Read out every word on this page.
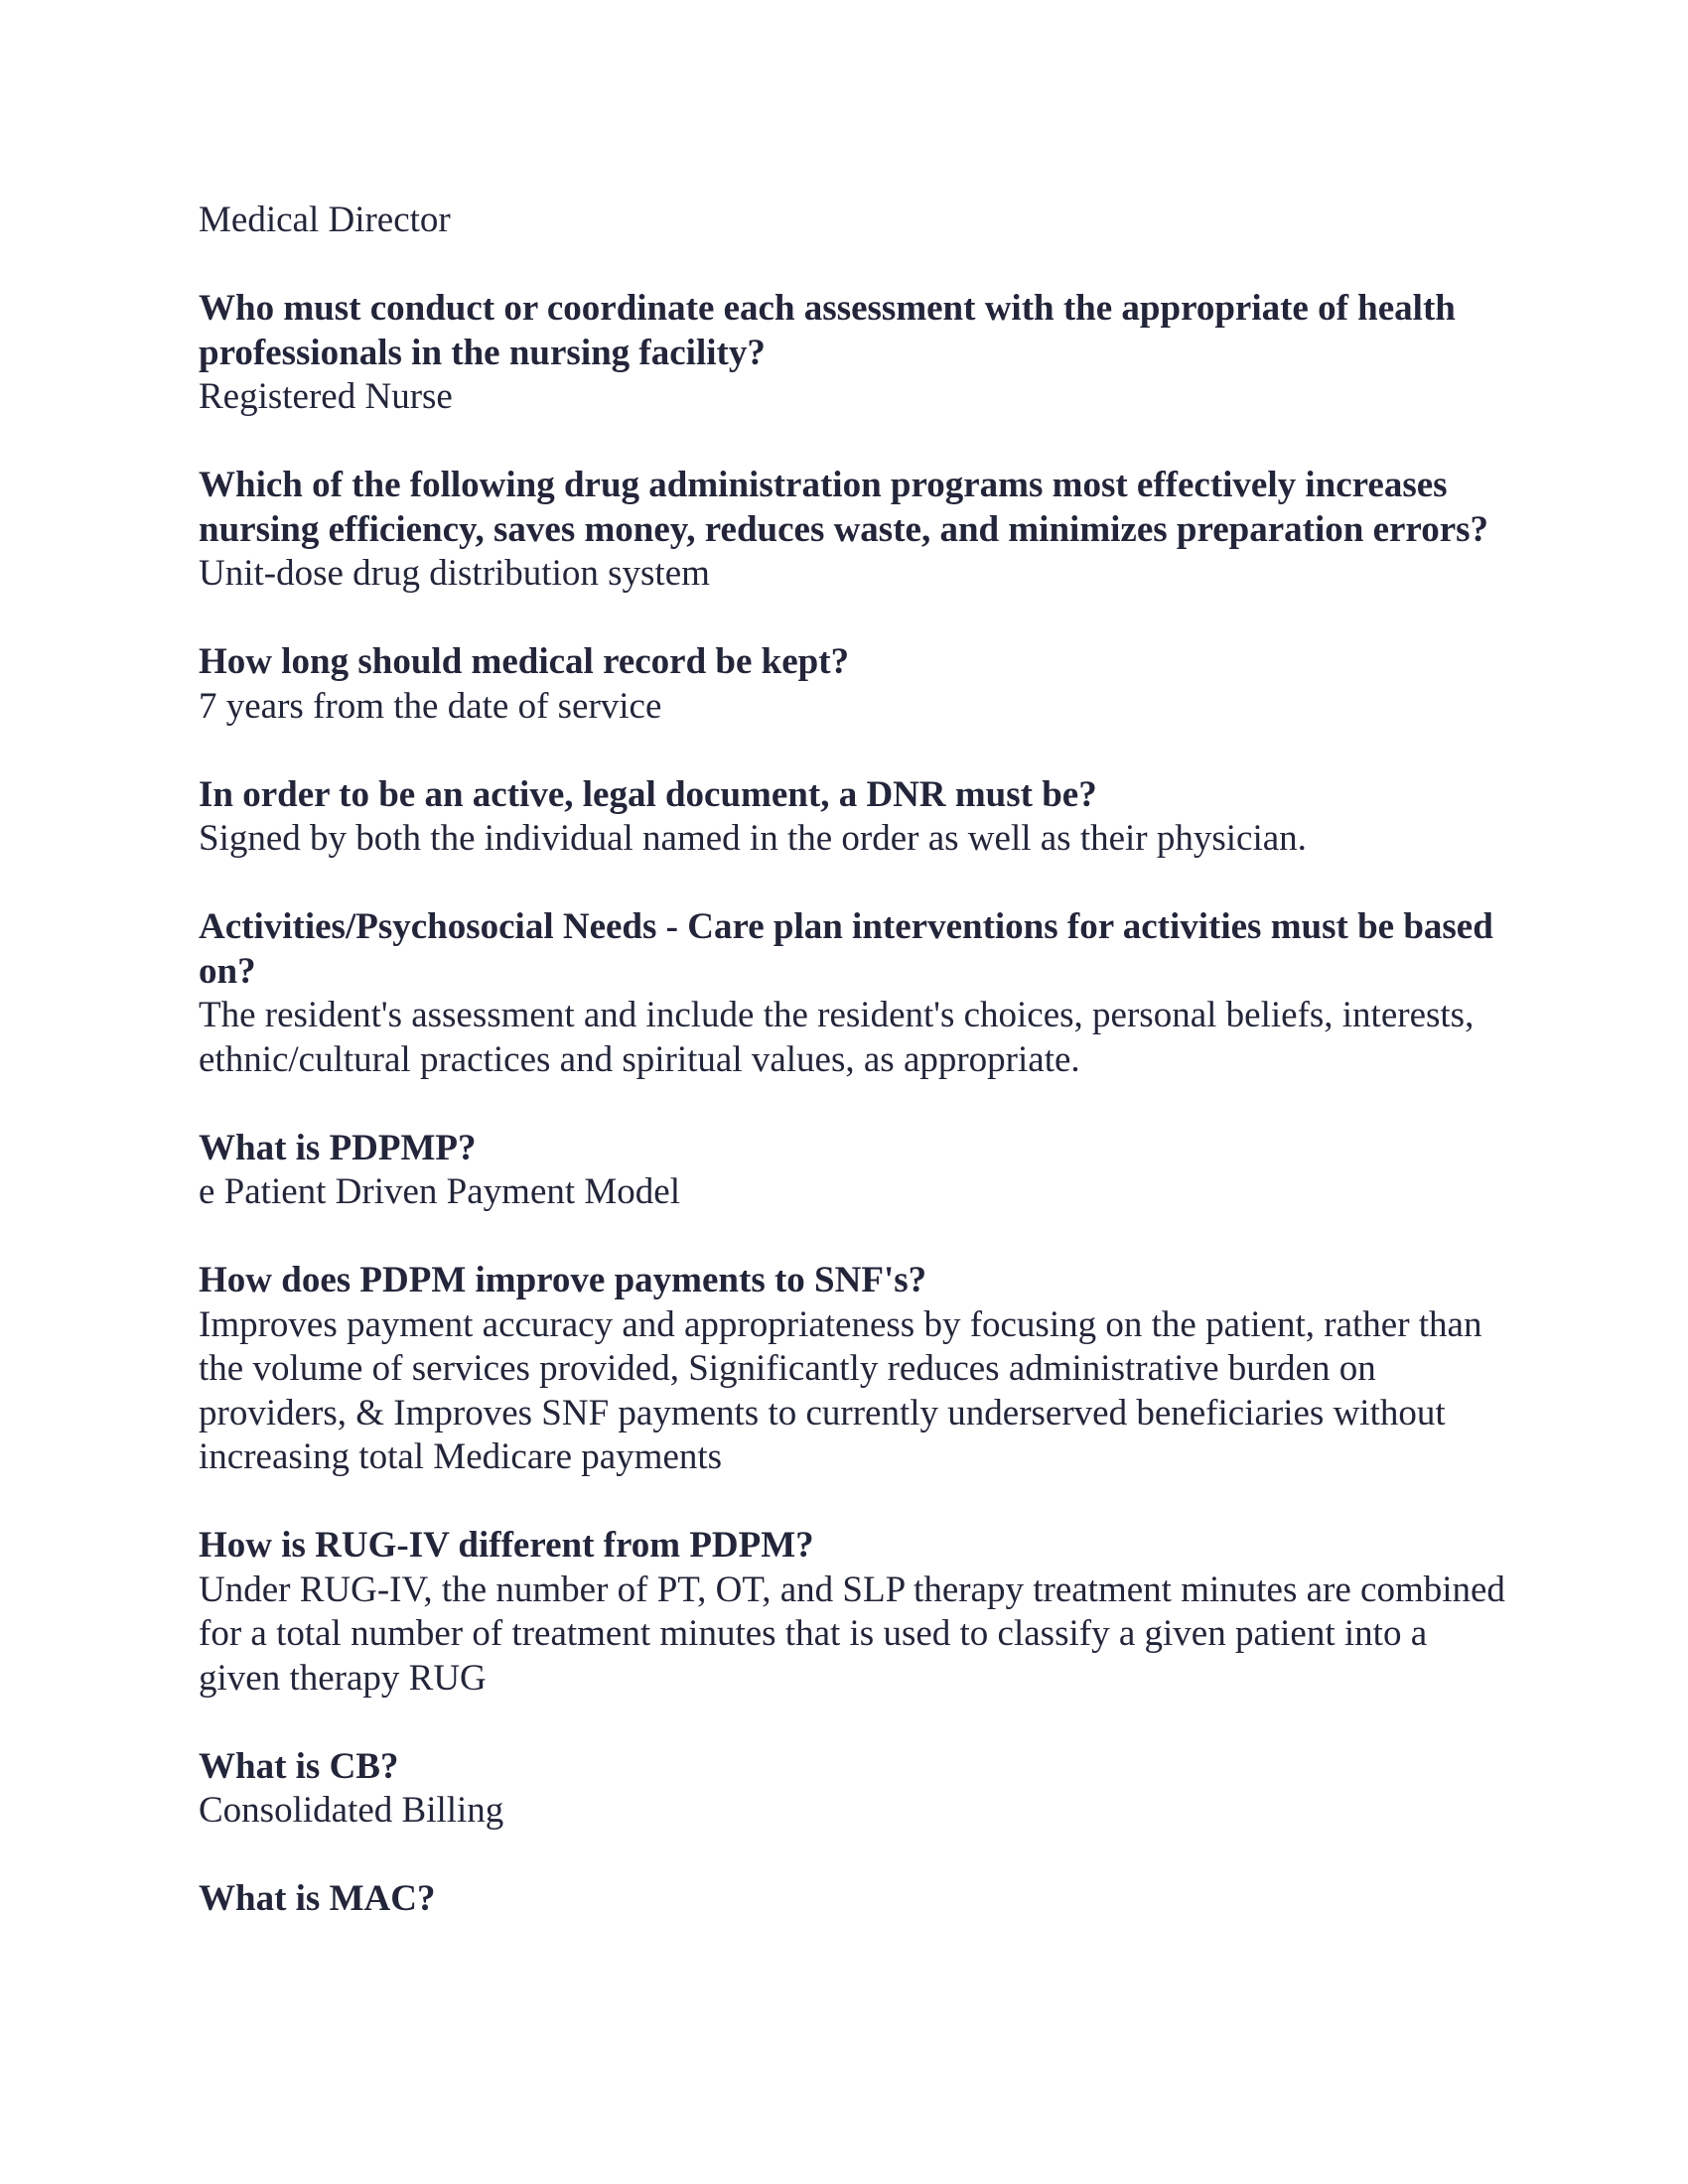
Medical Director

Who must conduct or coordinate each assessment with the appropriate of health professionals in the nursing facility?

Registered Nurse

Which of the following drug administration programs most effectively increases nursing efficiency, saves money, reduces waste, and minimizes preparation errors?

Unit-dose drug distribution system

How long should medical record be kept?

7 years from the date of service

In order to be an active, legal document, a DNR must be?

Signed by both the individual named in the order as well as their physician.

Activities/Psychosocial Needs - Care plan interventions for activities must be based on?

The resident's assessment and include the resident's choices, personal beliefs, interests, ethnic/cultural practices and spiritual values, as appropriate.

What is PDPMP?

e Patient Driven Payment Model

How does PDPM improve payments to SNF's?

Improves payment accuracy and appropriateness by focusing on the patient, rather than the volume of services provided, Significantly reduces administrative burden on providers, & Improves SNF payments to currently underserved beneficiaries without increasing total Medicare payments

How is RUG-IV different from PDPM?

Under RUG-IV, the number of PT, OT, and SLP therapy treatment minutes are combined for a total number of treatment minutes that is used to classify a given patient into a given therapy RUG

What is CB?

Consolidated Billing

What is MAC?
